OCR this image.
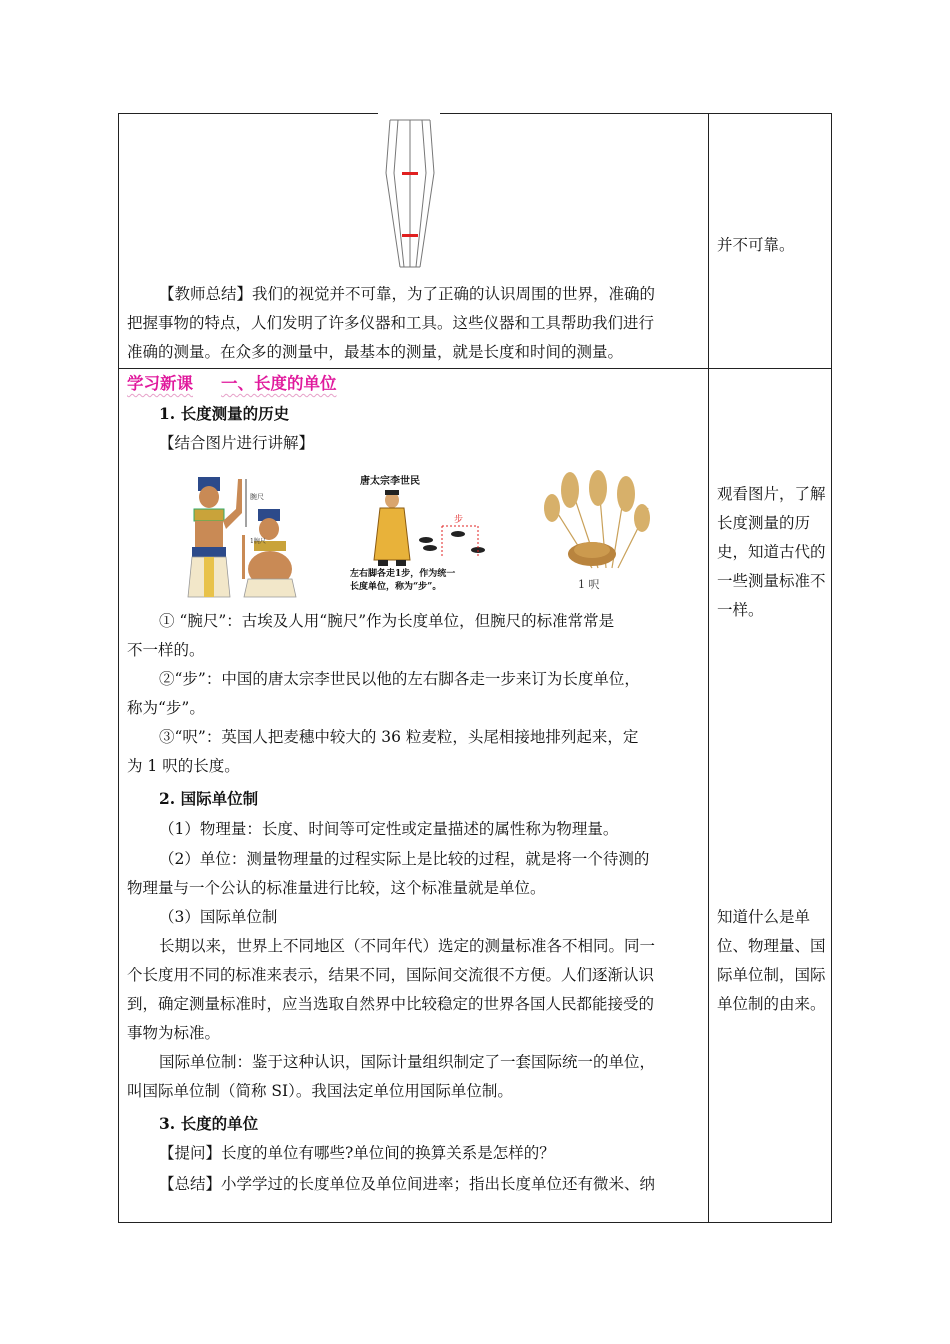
【教师总结】我们的视觉并不可靠，为了正确的认识周围的世界，准确的
把握事物的特点，人们发明了许多仪器和工具。这些仪器和工具帮助我们进行
准确的测量。在众多的测量中，最基本的测量，就是长度和时间的测量。
并不可靠。
学习新课 一、长度的单位
1. 长度测量的历史
【结合图片进行讲解】
腕尺
1腕尺
唐太宗李世民
步
左右脚各走1步，作为统一
长度单位，称为“步”。	1 呎
① “腕尺”：古埃及人用“腕尺”作为长度单位，但腕尺的标准常常是
不一样的。
②“步”：中国的唐太宗李世民以他的左右脚各走一步来订为长度单位，
称为“步”。
③“呎”：英国人把麦穗中较大的 36 粒麦粒，头尾相接地排列起来，定
为 1 呎的长度。
2. 国际单位制
（1）物理量：长度、时间等可定性或定量描述的属性称为物理量。
（2）单位：测量物理量的过程实际上是比较的过程，就是将一个待测的
物理量与一个公认的标准量进行比较，这个标准量就是单位。
（3）国际单位制
长期以来，世界上不同地区（不同年代）选定的测量标准各不相同。同一
个长度用不同的标准来表示，结果不同，国际间交流很不方便。人们逐渐认识
到，确定测量标准时，应当选取自然界中比较稳定的世界各国人民都能接受的
事物为标准。
国际单位制：鉴于这种认识，国际计量组织制定了一套国际统一的单位，
叫国际单位制（简称 SI）。我国法定单位用国际单位制。
3. 长度的单位
【提问】长度的单位有哪些?单位间的换算关系是怎样的？
【总结】小学学过的长度单位及单位间进率；指出长度单位还有微米、纳
观看图片，了解长度测量的历史，知道古代的一些测量标准不一样。
知道什么是单位、物理量、国际单位制，国际单位制的由来。
